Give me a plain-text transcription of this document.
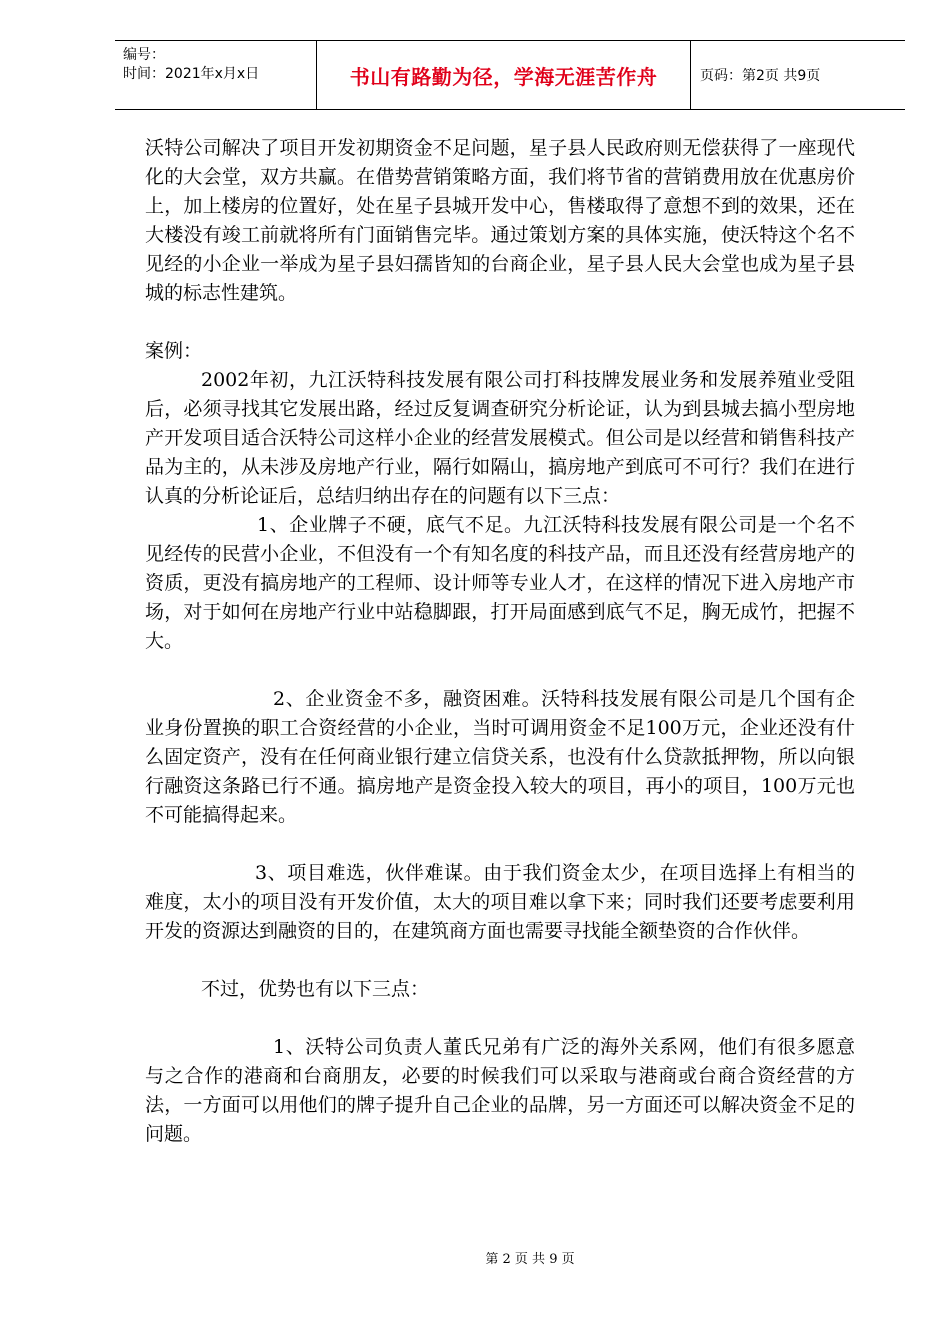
编号：
时间：2021年x月x日	书山有路勤为径，学海无涯苦作舟	页码：第2页 共9页

沃特公司解决了项目开发初期资金不足问题，星子县人民政府则无偿获得了一座现代化的大会堂，双方共赢。在借势营销策略方面，我们将节省的营销费用放在优惠房价上，加上楼房的位置好，处在星子县城开发中心，售楼取得了意想不到的效果，还在大楼没有竣工前就将所有门面销售完毕。通过策划方案的具体实施，使沃特这个名不见经的小企业一举成为星子县妇孺皆知的台商企业，星子县人民大会堂也成为星子县城的标志性建筑。

案例：

2002年初，九江沃特科技发展有限公司打科技牌发展业务和发展养殖业受阻后，必须寻找其它发展出路，经过反复调查研究分析论证，认为到县城去搞小型房地产开发项目适合沃特公司这样小企业的经营发展模式。但公司是以经营和销售科技产品为主的，从未涉及房地产行业，隔行如隔山，搞房地产到底可不可行？我们在进行认真的分析论证后，总结归纳出存在的问题有以下三点：

1、企业牌子不硬，底气不足。九江沃特科技发展有限公司是一个名不见经传的民营小企业，不但没有一个有知名度的科技产品，而且还没有经营房地产的资质，更没有搞房地产的工程师、设计师等专业人才，在这样的情况下进入房地产市场，对于如何在房地产行业中站稳脚跟，打开局面感到底气不足，胸无成竹，把握不大。

2、企业资金不多，融资困难。沃特科技发展有限公司是几个国有企业身份置换的职工合资经营的小企业，当时可调用资金不足100万元，企业还没有什么固定资产，没有在任何商业银行建立信贷关系，也没有什么贷款抵押物，所以向银行融资这条路已行不通。搞房地产是资金投入较大的项目，再小的项目，100万元也不可能搞得起来。

3、项目难选，伙伴难谋。由于我们资金太少，在项目选择上有相当的难度，太小的项目没有开发价值，太大的项目难以拿下来；同时我们还要考虑要利用开发的资源达到融资的目的，在建筑商方面也需要寻找能全额垫资的合作伙伴。

不过，优势也有以下三点：

1、沃特公司负责人董氏兄弟有广泛的海外关系网，他们有很多愿意与之合作的港商和台商朋友，必要的时候我们可以采取与港商或台商合资经营的方法，一方面可以用他们的牌子提升自己企业的品牌，另一方面还可以解决资金不足的问题。

第 2 页 共 9 页
